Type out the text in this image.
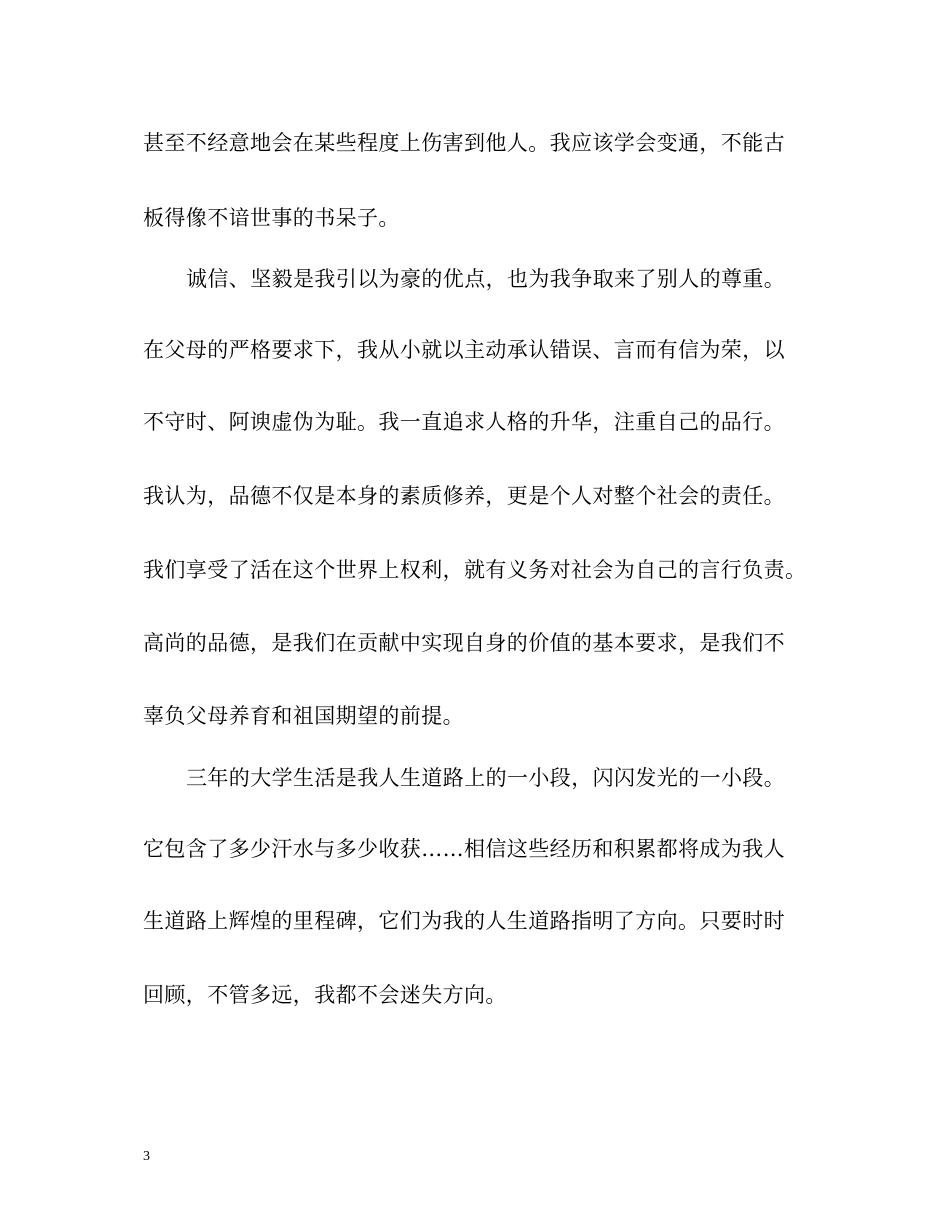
甚至不经意地会在某些程度上伤害到他人。我应该学会变通，不能古
板得像不谙世事的书呆子。
诚信、坚毅是我引以为豪的优点，也为我争取来了别人的尊重。
在父母的严格要求下，我从小就以主动承认错误、言而有信为荣，以
不守时、阿谀虚伪为耻。我一直追求人格的升华，注重自己的品行。
我认为，品德不仅是本身的素质修养，更是个人对整个社会的责任。
我们享受了活在这个世界上权利，就有义务对社会为自己的言行负责。
高尚的品德，是我们在贡献中实现自身的价值的基本要求，是我们不
辜负父母养育和祖国期望的前提。
三年的大学生活是我人生道路上的一小段，闪闪发光的一小段。
它包含了多少汗水与多少收获……相信这些经历和积累都将成为我人
生道路上辉煌的里程碑，它们为我的人生道路指明了方向。只要时时
回顾，不管多远，我都不会迷失方向。
3
